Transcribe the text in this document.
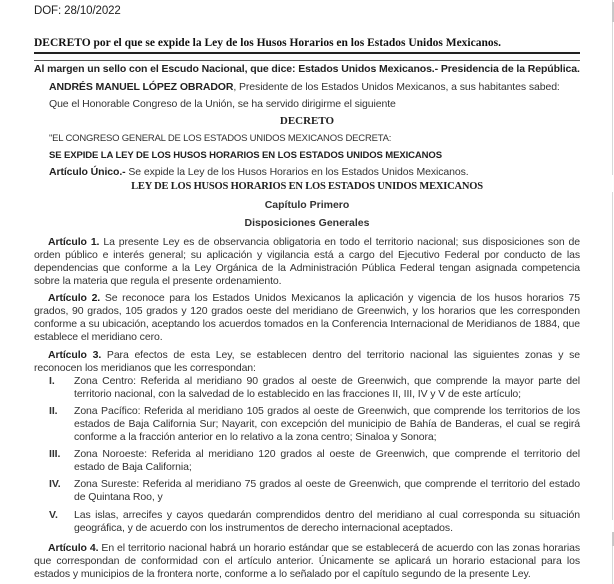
DOF: 28/10/2022
DECRETO por el que se expide la Ley de los Husos Horarios en los Estados Unidos Mexicanos.
Al margen un sello con el Escudo Nacional, que dice: Estados Unidos Mexicanos.- Presidencia de la República.
ANDRÉS MANUEL LÓPEZ OBRADOR, Presidente de los Estados Unidos Mexicanos, a sus habitantes sabed:
Que el Honorable Congreso de la Unión, se ha servido dirigirme el siguiente
DECRETO
"EL CONGRESO GENERAL DE LOS ESTADOS UNIDOS MEXICANOS DECRETA:
SE EXPIDE LA LEY DE LOS HUSOS HORARIOS EN LOS ESTADOS UNIDOS MEXICANOS
Artículo Único.- Se expide la Ley de los Husos Horarios en los Estados Unidos Mexicanos.
LEY DE LOS HUSOS HORARIOS EN LOS ESTADOS UNIDOS MEXICANOS
Capítulo Primero
Disposiciones Generales
Artículo 1. La presente Ley es de observancia obligatoria en todo el territorio nacional; sus disposiciones son de orden público e interés general; su aplicación y vigilancia está a cargo del Ejecutivo Federal por conducto de las dependencias que conforme a la Ley Orgánica de la Administración Pública Federal tengan asignada competencia sobre la materia que regula el presente ordenamiento.
Artículo 2. Se reconoce para los Estados Unidos Mexicanos la aplicación y vigencia de los husos horarios 75 grados, 90 grados, 105 grados y 120 grados oeste del meridiano de Greenwich, y los horarios que les corresponden conforme a su ubicación, aceptando los acuerdos tomados en la Conferencia Internacional de Meridianos de 1884, que establece el meridiano cero.
Artículo 3. Para efectos de esta Ley, se establecen dentro del territorio nacional las siguientes zonas y se reconocen los meridianos que les correspondan:
I. Zona Centro: Referida al meridiano 90 grados al oeste de Greenwich, que comprende la mayor parte del territorio nacional, con la salvedad de lo establecido en las fracciones II, III, IV y V de este artículo;
II. Zona Pacífico: Referida al meridiano 105 grados al oeste de Greenwich, que comprende los territorios de los estados de Baja California Sur; Nayarit, con excepción del municipio de Bahía de Banderas, el cual se regirá conforme a la fracción anterior en lo relativo a la zona centro; Sinaloa y Sonora;
III. Zona Noroeste: Referida al meridiano 120 grados al oeste de Greenwich, que comprende el territorio del estado de Baja California;
IV. Zona Sureste: Referida al meridiano 75 grados al oeste de Greenwich, que comprende el territorio del estado de Quintana Roo, y
V. Las islas, arrecifes y cayos quedarán comprendidos dentro del meridiano al cual corresponda su situación geográfica, y de acuerdo con los instrumentos de derecho internacional aceptados.
Artículo 4. En el territorio nacional habrá un horario estándar que se establecerá de acuerdo con las zonas horarias que correspondan de conformidad con el artículo anterior. Únicamente se aplicará un horario estacional para los estados y municipios de la frontera norte, conforme a lo señalado por el capítulo segundo de la presente Ley.
